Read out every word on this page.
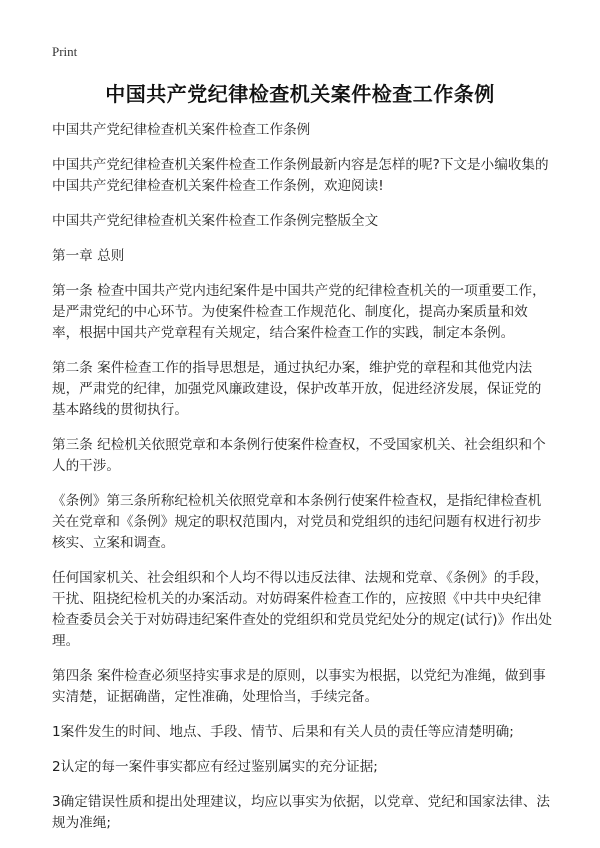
Print
中国共产党纪律检查机关案件检查工作条例

中国共产党纪律检查机关案件检查工作条例

中国共产党纪律检查机关案件检查工作条例最新内容是怎样的呢?下文是小编收集的中国共产党纪律检查机关案件检查工作条例，欢迎阅读!

中国共产党纪律检查机关案件检查工作条例完整版全文

第一章 总则

第一条 检查中国共产党内违纪案件是中国共产党的纪律检查机关的一项重要工作，是严肃党纪的中心环节。为使案件检查工作规范化、制度化，提高办案质量和效率，根据中国共产党章程有关规定，结合案件检查工作的实践，制定本条例。

第二条 案件检查工作的指导思想是，通过执纪办案，维护党的章程和其他党内法规，严肃党的纪律，加强党风廉政建设，保护改革开放，促进经济发展，保证党的基本路线的贯彻执行。

第三条 纪检机关依照党章和本条例行使案件检查权，不受国家机关、社会组织和个人的干涉。

《条例》第三条所称纪检机关依照党章和本条例行使案件检查权，是指纪律检查机关在党章和《条例》规定的职权范围内，对党员和党组织的违纪问题有权进行初步核实、立案和调查。

任何国家机关、社会组织和个人均不得以违反法律、法规和党章、《条例》的手段，干扰、阻挠纪检机关的办案活动。对妨碍案件检查工作的，应按照《中共中央纪律检查委员会关于对妨碍违纪案件查处的党组织和党员党纪处分的规定(试行)》作出处理。

第四条 案件检查必须坚持实事求是的原则，以事实为根据，以党纪为准绳，做到事实清楚，证据确凿，定性准确，处理恰当，手续完备。

1案件发生的时间、地点、手段、情节、后果和有关人员的责任等应清楚明确;

2认定的每一案件事实都应有经过鉴别属实的充分证据;

3确定错误性质和提出处理建议，均应以事实为依据，以党章、党纪和国家法律、法规为准绳;
